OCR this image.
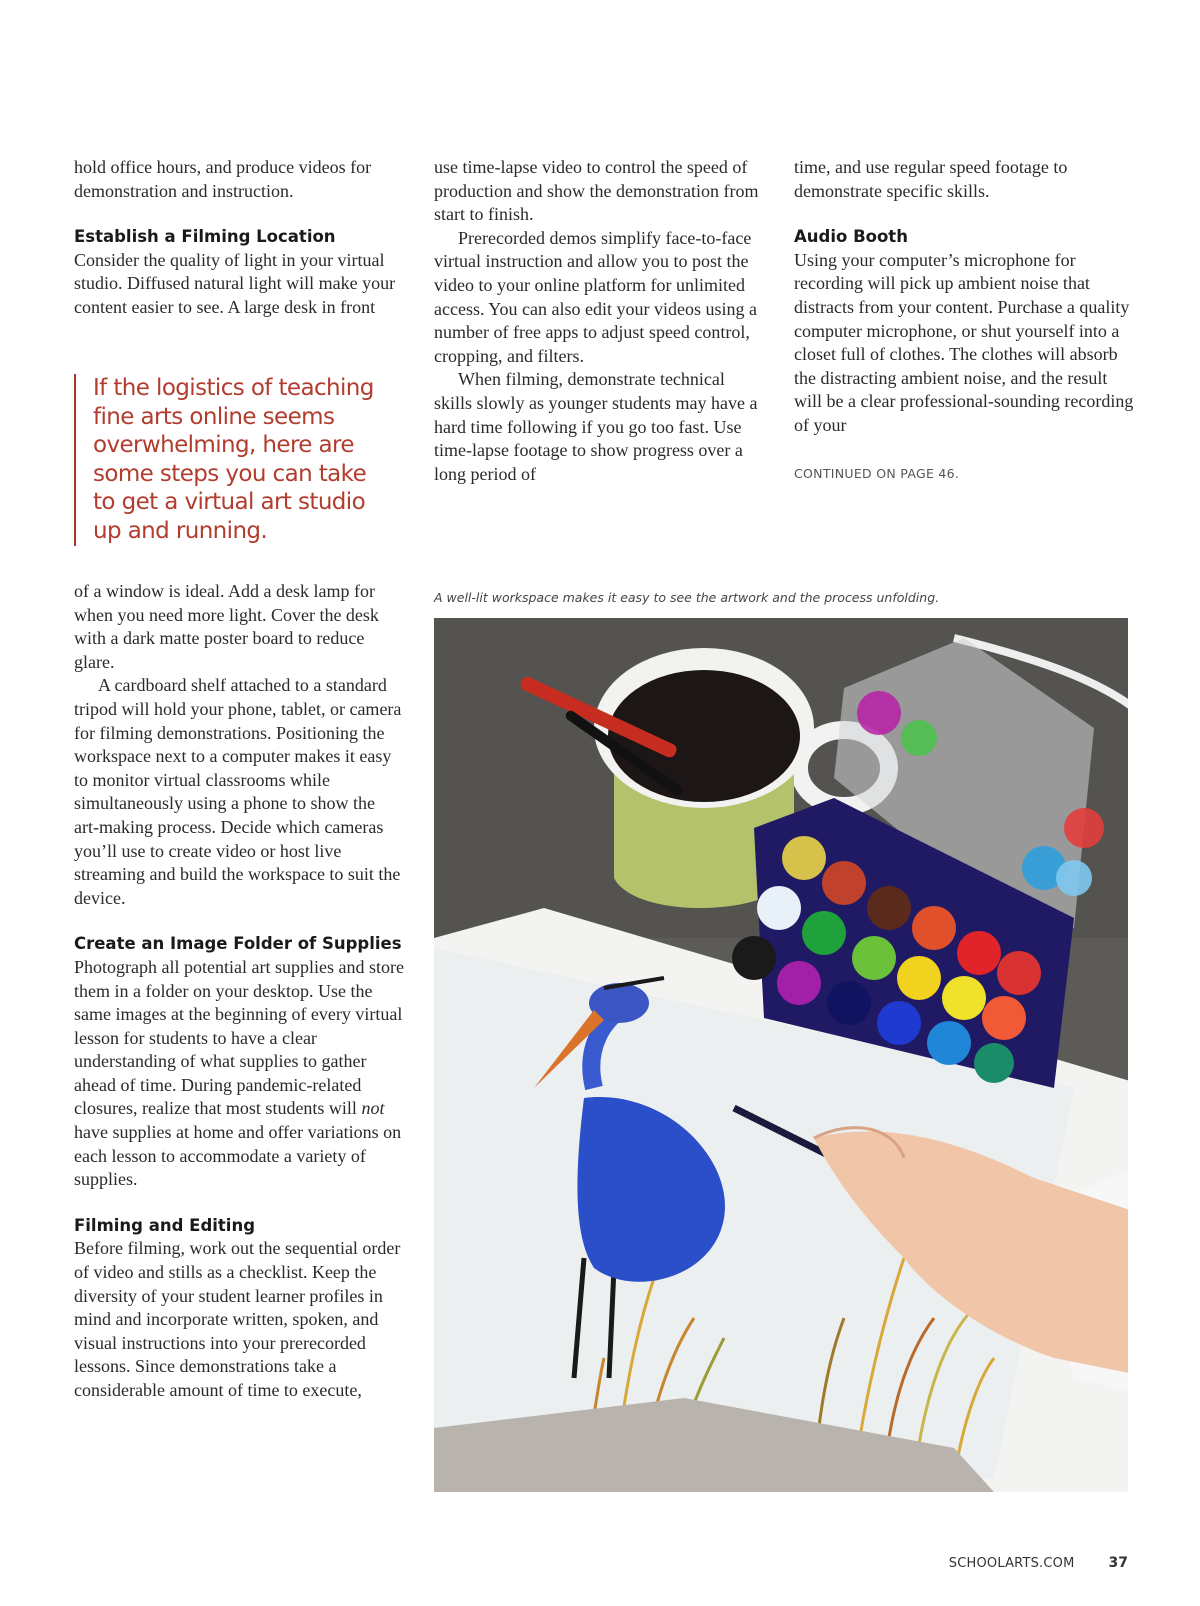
hold office hours, and produce videos for demonstration and instruction.

Establish a Filming Location

Consider the quality of light in your virtual studio. Diffused natural light will make your content easier to see. A large desk in front

If the logistics of teaching fine arts online seems overwhelming, here are some steps you can take to get a virtual art studio up and running.

of a window is ideal. Add a desk lamp for when you need more light. Cover the desk with a dark matte poster board to reduce glare.

A cardboard shelf attached to a standard tripod will hold your phone, tablet, or camera for filming demonstrations. Positioning the workspace next to a computer makes it easy to monitor virtual classrooms while simultaneously using a phone to show the art-making process. Decide which cameras you’ll use to create video or host live streaming and build the workspace to suit the device.

Create an Image Folder of Supplies

Photograph all potential art supplies and store them in a folder on your desktop. Use the same images at the beginning of every virtual lesson for students to have a clear understanding of what supplies to gather ahead of time. During pandemic-related closures, realize that most students will not have supplies at home and offer variations on each lesson to accommodate a variety of supplies.

Filming and Editing

Before filming, work out the sequential order of video and stills as a checklist. Keep the diversity of your student learner profiles in mind and incorporate written, spoken, and visual instructions into your prerecorded lessons. Since demonstrations take a considerable amount of time to execute,

use time-lapse video to control the speed of production and show the demonstration from start to finish.

Prerecorded demos simplify face-to-face virtual instruction and allow you to post the video to your online platform for unlimited access. You can also edit your videos using a number of free apps to adjust speed control, cropping, and filters.

When filming, demonstrate technical skills slowly as younger students may have a hard time following if you go too fast. Use time-lapse footage to show progress over a long period of

time, and use regular speed footage to demonstrate specific skills.

Audio Booth

Using your computer’s microphone for recording will pick up ambient noise that distracts from your content. Purchase a quality computer microphone, or shut yourself into a closet full of clothes. The clothes will absorb the distracting ambient noise, and the result will be a clear professional-sounding recording of your

CONTINUED ON PAGE 46.
A well-lit workspace makes it easy to see the artwork and the process unfolding.
SCHOOLARTS.COM 37
